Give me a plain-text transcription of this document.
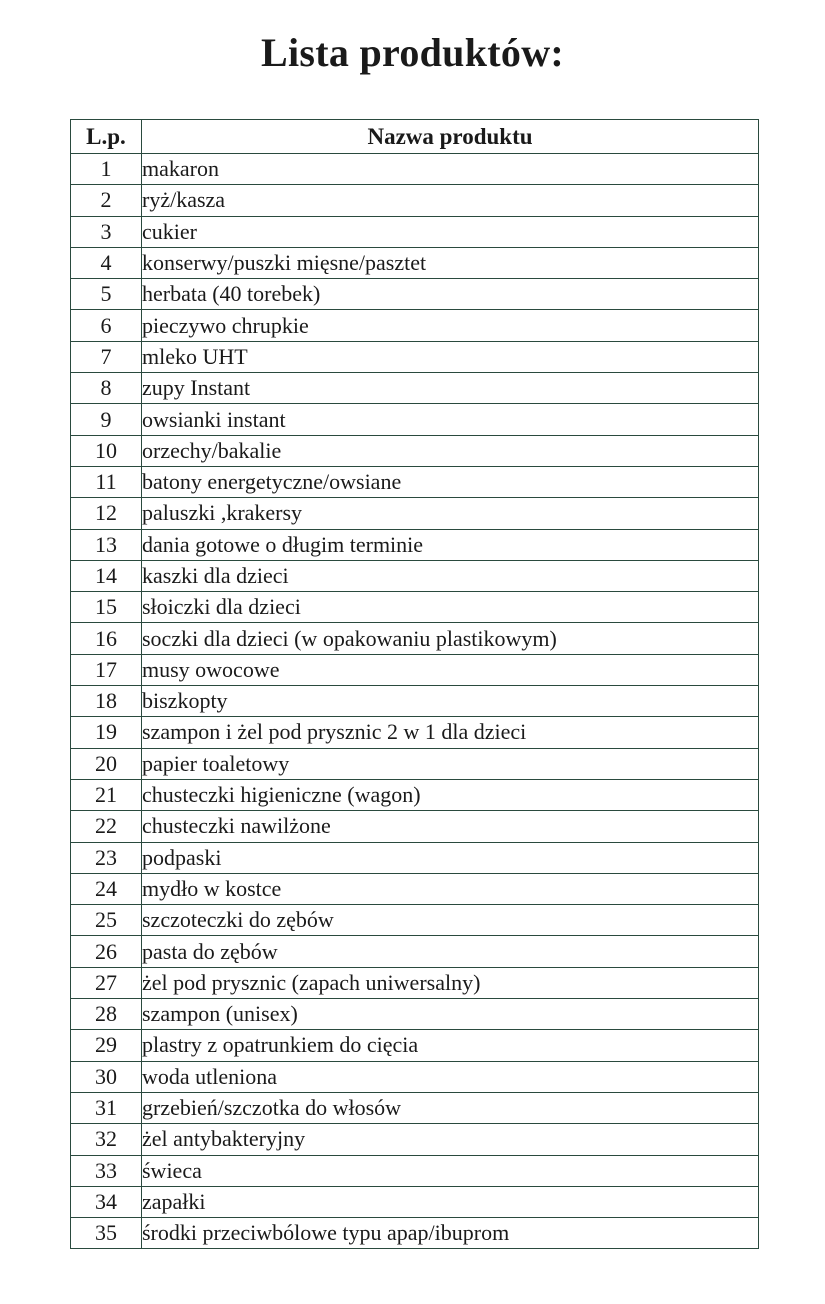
Lista produktów:
L.p.	Nazwa produktu
1	makaron
2	ryż/kasza
3	cukier
4	konserwy/puszki mięsne/pasztet
5	herbata (40 torebek)
6	pieczywo chrupkie
7	mleko UHT
8	zupy Instant
9	owsianki instant
10	orzechy/bakalie
11	batony energetyczne/owsiane
12	paluszki ,krakersy
13	dania gotowe o długim terminie
14	kaszki dla dzieci
15	słoiczki dla dzieci
16	soczki dla dzieci (w opakowaniu plastikowym)
17	musy owocowe
18	biszkopty
19	szampon i żel pod prysznic 2 w 1 dla dzieci
20	papier toaletowy
21	chusteczki higieniczne (wagon)
22	chusteczki nawilżone
23	podpaski
24	mydło w kostce
25	szczoteczki do zębów
26	pasta do zębów
27	żel pod prysznic (zapach uniwersalny)
28	szampon (unisex)
29	plastry z opatrunkiem do cięcia
30	woda utleniona
31	grzebień/szczotka do włosów
32	żel antybakteryjny
33	świeca
34	zapałki
35	środki przeciwbólowe typu apap/ibuprom
